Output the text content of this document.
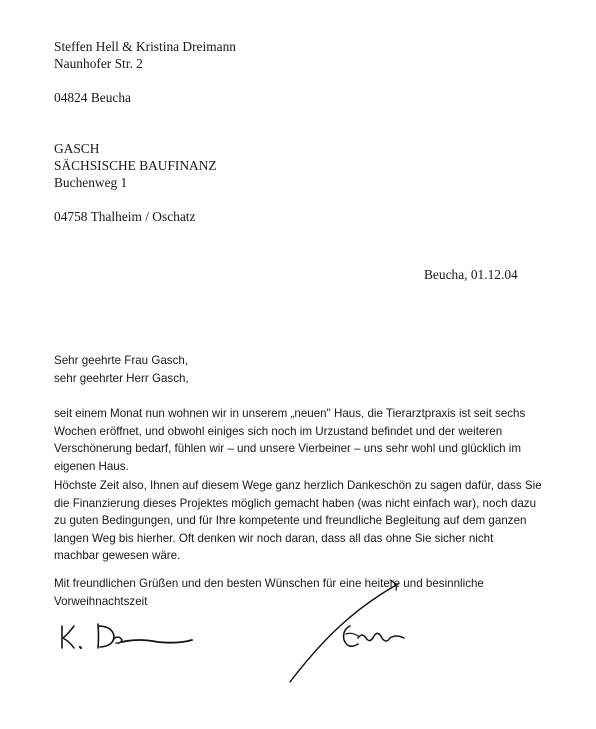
Steffen Hell & Kristina Dreimann
Naunhofer Str. 2
04824 Beucha
GASCH
SÄCHSISCHE BAUFINANZ
Buchenweg 1
04758 Thalheim / Oschatz
Beucha, 01.12.04
Sehr geehrte Frau Gasch,
sehr geehrter Herr Gasch,
seit einem Monat nun wohnen wir in unserem „neuen" Haus, die Tierarztpraxis ist seit sechs
Wochen eröffnet, und obwohl einiges sich noch im Urzustand befindet und der weiteren
Verschönerung bedarf, fühlen wir – und unsere Vierbeiner – uns sehr wohl und glücklich im
eigenen Haus.
Höchste Zeit also, Ihnen auf diesem Wege ganz herzlich Dankeschön zu sagen dafür, dass Sie
die Finanzierung dieses Projektes möglich gemacht haben (was nicht einfach war), noch dazu
zu guten Bedingungen, und für Ihre kompetente und freundliche Begleitung auf dem ganzen
langen Weg bis hierher. Oft denken wir noch daran, dass all das ohne Sie sicher nicht
machbar gewesen wäre.
Mit freundlichen Grüßen und den besten Wünschen für eine heitere und besinnliche
Vorweihnachtszeit
